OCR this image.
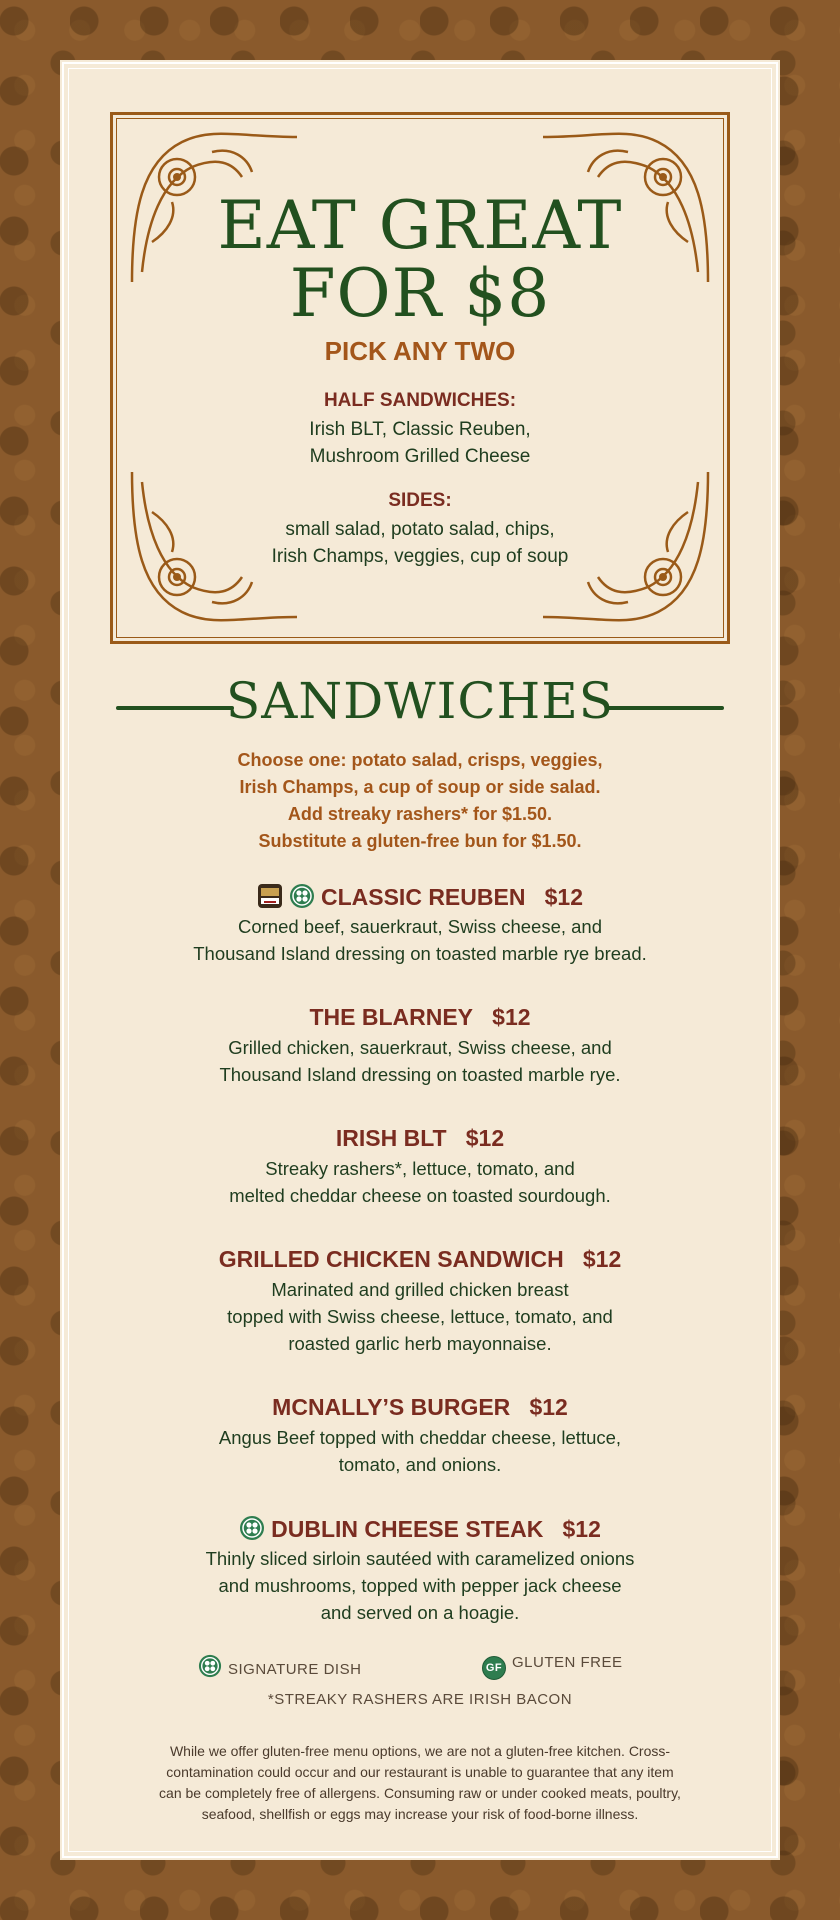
EAT GREAT
FOR $8
PICK ANY TWO
HALF SANDWICHES:
Irish BLT, Classic Reuben,
Mushroom Grilled Cheese
SIDES:
small salad, potato salad, chips,
Irish Champs, veggies, cup of soup
SANDWICHES
Choose one: potato salad, crisps, veggies,
Irish Champs, a cup of soup or side salad.
Add streaky rashers* for $1.50.
Substitute a gluten-free bun for $1.50.
CLASSIC REUBEN $12
Corned beef, sauerkraut, Swiss cheese, and
Thousand Island dressing on toasted marble rye bread.
THE BLARNEY $12
Grilled chicken, sauerkraut, Swiss cheese, and
Thousand Island dressing on toasted marble rye.
IRISH BLT $12
Streaky rashers*, lettuce, tomato, and
melted cheddar cheese on toasted sourdough.
GRILLED CHICKEN SANDWICH $12
Marinated and grilled chicken breast
topped with Swiss cheese, lettuce, tomato, and
roasted garlic herb mayonnaise.
MCNALLY’S BURGER $12
Angus Beef topped with cheddar cheese, lettuce,
tomato, and onions.
DUBLIN CHEESE STEAK $12
Thinly sliced sirloin sautéed with caramelized onions
and mushrooms, topped with pepper jack cheese
and served on a hoagie.
SIGNATURE DISH	GF GLUTEN FREE
*STREAKY RASHERS ARE IRISH BACON
While we offer gluten-free menu options, we are not a gluten-free kitchen. Cross-
contamination could occur and our restaurant is unable to guarantee that any item
can be completely free of allergens. Consuming raw or under cooked meats, poultry,
seafood, shellfish or eggs may increase your risk of food-borne illness.
